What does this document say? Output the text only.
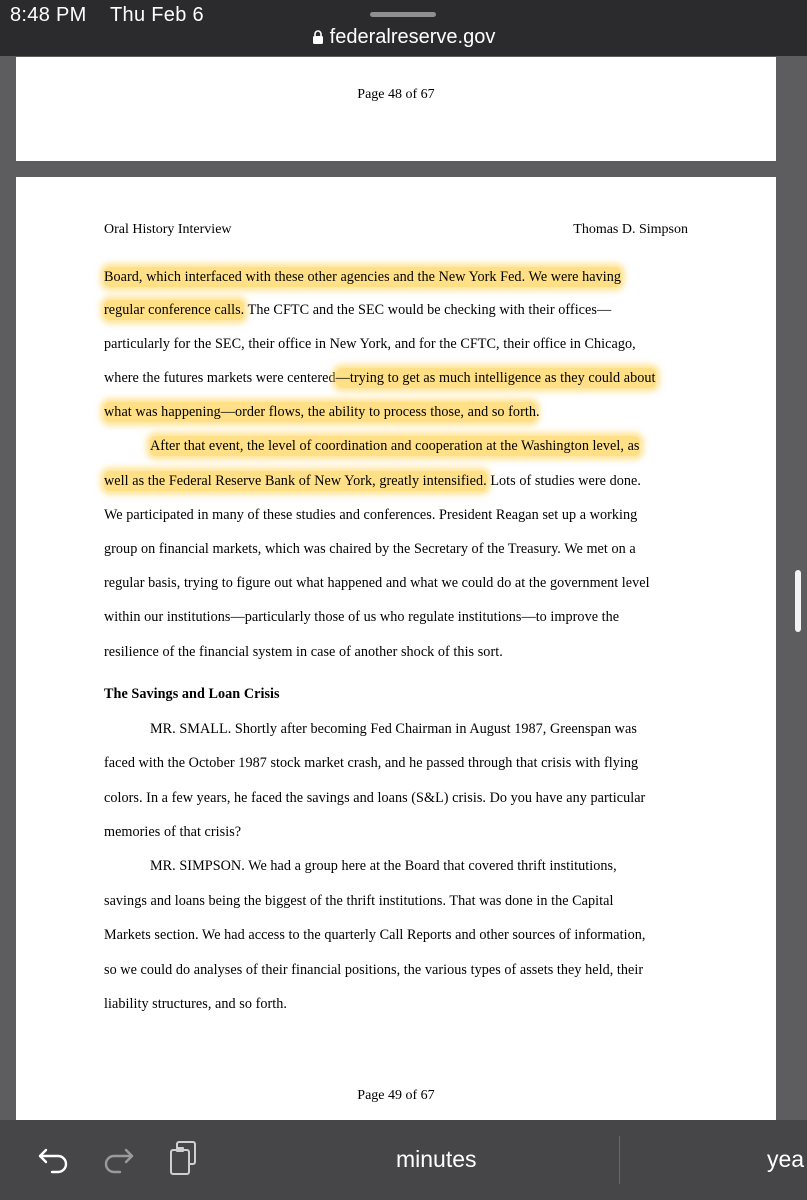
8:48 PM Thu Feb 6
federalreserve.gov
Page 48 of 67
Oral History Interview	Thomas D. Simpson
Board, which interfaced with these other agencies and the New York Fed. We were having
regular conference calls. The CFTC and the SEC would be checking with their offices—
particularly for the SEC, their office in New York, and for the CFTC, their office in Chicago,
where the futures markets were centered—trying to get as much intelligence as they could about
what was happening—order flows, the ability to process those, and so forth.
After that event, the level of coordination and cooperation at the Washington level, as
well as the Federal Reserve Bank of New York, greatly intensified. Lots of studies were done.
We participated in many of these studies and conferences. President Reagan set up a working
group on financial markets, which was chaired by the Secretary of the Treasury. We met on a
regular basis, trying to figure out what happened and what we could do at the government level
within our institutions—particularly those of us who regulate institutions—to improve the
resilience of the financial system in case of another shock of this sort.
The Savings and Loan Crisis
MR. SMALL. Shortly after becoming Fed Chairman in August 1987, Greenspan was
faced with the October 1987 stock market crash, and he passed through that crisis with flying
colors. In a few years, he faced the savings and loans (S&L) crisis. Do you have any particular
memories of that crisis?
MR. SIMPSON. We had a group here at the Board that covered thrift institutions,
savings and loans being the biggest of the thrift institutions. That was done in the Capital
Markets section. We had access to the quarterly Call Reports and other sources of information,
so we could do analyses of their financial positions, the various types of assets they held, their
liability structures, and so forth.
Page 49 of 67
minutes	yea
